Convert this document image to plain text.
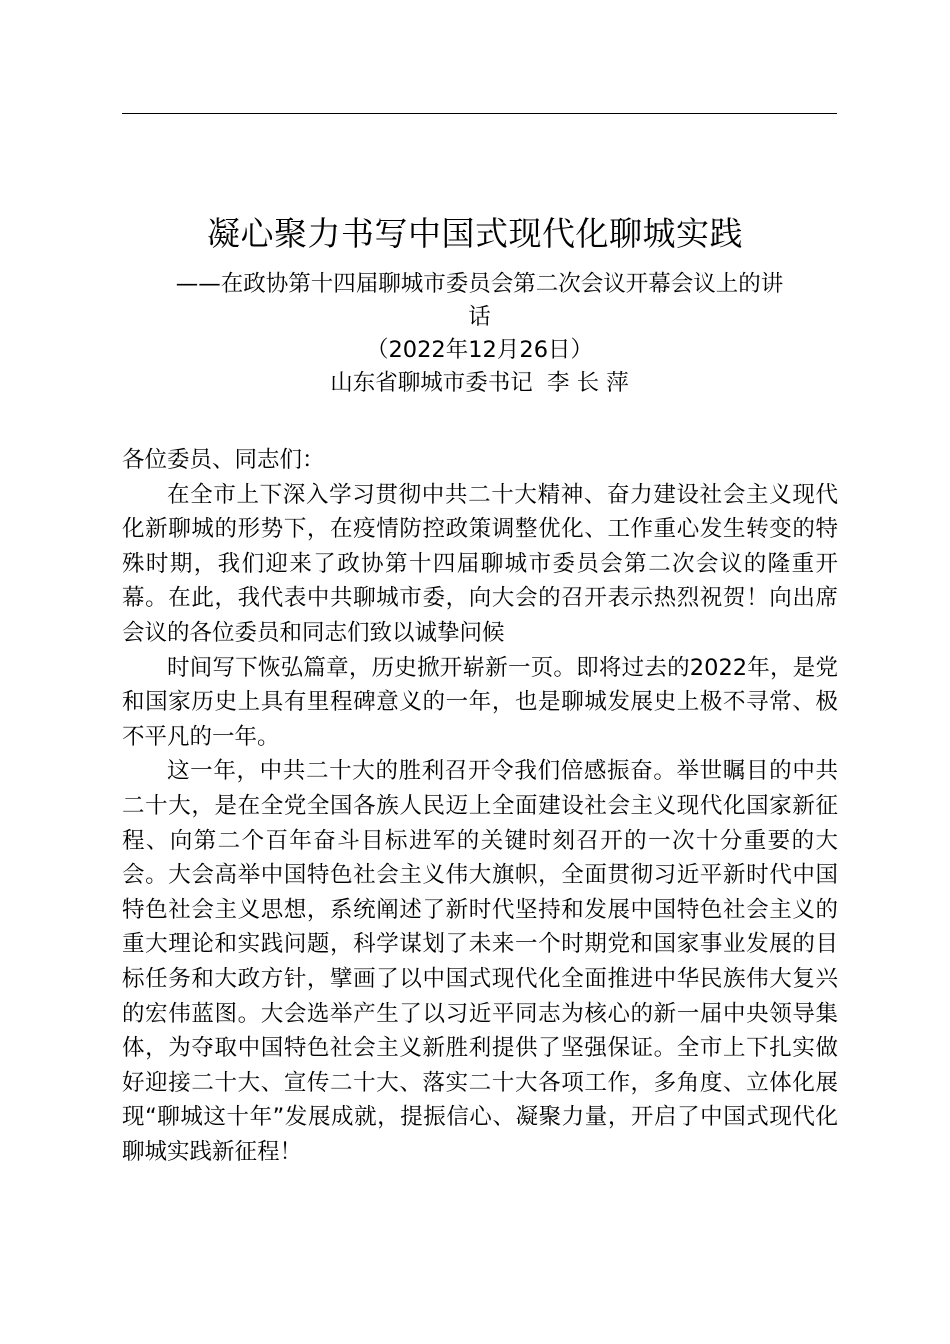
凝心聚力书写中国式现代化聊城实践
——在政协第十四届聊城市委员会第二次会议开幕会议上的讲
话
（2022年12月26日）
山东省聊城市委书记  李 长 萍

各位委员、同志们：

在全市上下深入学习贯彻中共二十大精神、奋力建设社会主义现代化新聊城的形势下，在疫情防控政策调整优化、工作重心发生转变的特殊时期，我们迎来了政协第十四届聊城市委员会第二次会议的隆重开幕。在此，我代表中共聊城市委，向大会的召开表示热烈祝贺！向出席会议的各位委员和同志们致以诚挚问候

时间写下恢弘篇章，历史掀开崭新一页。即将过去的2022年，是党和国家历史上具有里程碑意义的一年，也是聊城发展史上极不寻常、极不平凡的一年。

这一年，中共二十大的胜利召开令我们倍感振奋。举世瞩目的中共二十大，是在全党全国各族人民迈上全面建设社会主义现代化国家新征程、向第二个百年奋斗目标进军的关键时刻召开的一次十分重要的大会。大会高举中国特色社会主义伟大旗帜，全面贯彻习近平新时代中国特色社会主义思想，系统阐述了新时代坚持和发展中国特色社会主义的重大理论和实践问题，科学谋划了未来一个时期党和国家事业发展的目标任务和大政方针，擘画了以中国式现代化全面推进中华民族伟大复兴的宏伟蓝图。大会选举产生了以习近平同志为核心的新一届中央领导集体，为夺取中国特色社会主义新胜利提供了坚强保证。全市上下扎实做好迎接二十大、宣传二十大、落实二十大各项工作，多角度、立体化展现“聊城这十年”发展成就，提振信心、凝聚力量，开启了中国式现代化聊城实践新征程！
